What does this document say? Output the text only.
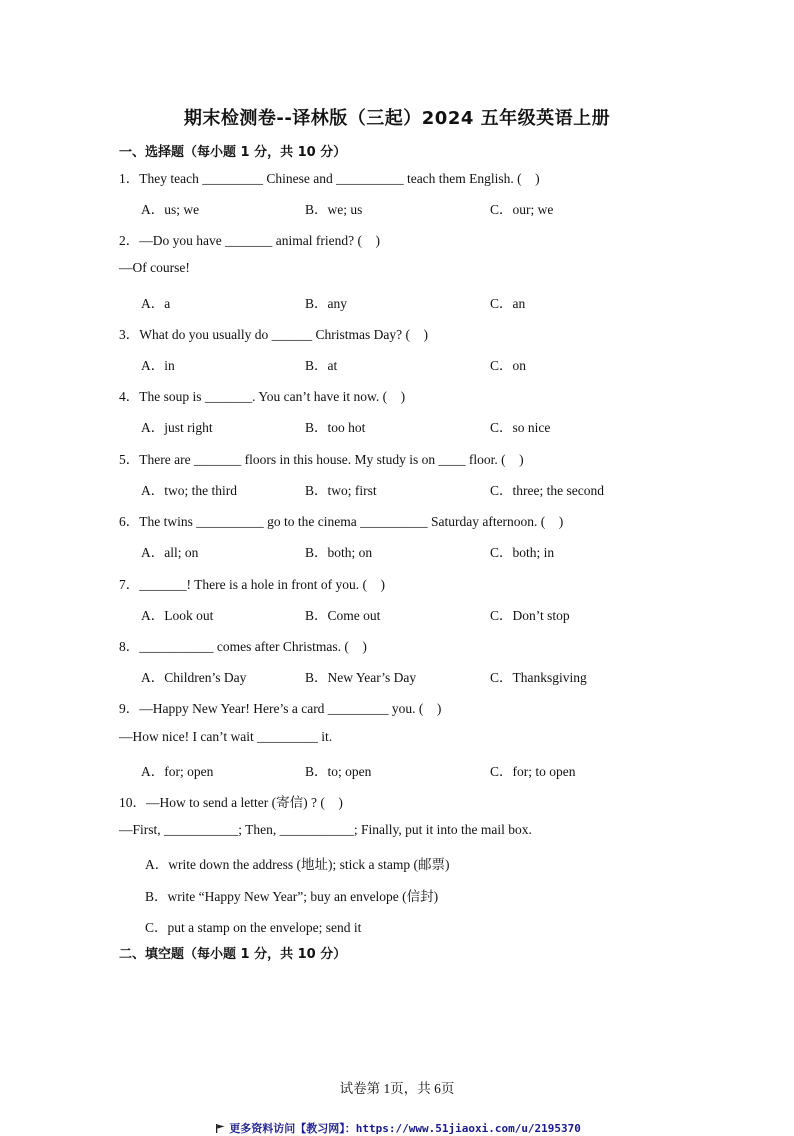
期末检测卷--译林版（三起）2024 五年级英语上册
一、选择题（每小题 1 分，共 10 分）
1．They teach _________ Chinese and __________ teach them English. (    )
A．us; we	B．we; us	C．our; we
2．—Do you have _______ animal friend? (    )
—Of course!
A．a	B．any	C．an
3．What do you usually do ______ Christmas Day? (    )
A．in	B．at	C．on
4．The soup is _______. You can’t have it now. (    )
A．just right	B．too hot	C．so nice
5．There are _______ floors in this house. My study is on ____ floor. (    )
A．two; the third	B．two; first	C．three; the second
6．The twins __________ go to the cinema __________ Saturday afternoon. (    )
A．all; on	B．both; on	C．both; in
7．_______! There is a hole in front of you. (    )
A．Look out	B．Come out	C．Don’t stop
8．___________ comes after Christmas. (    )
A．Children’s Day	B．New Year’s Day	C．Thanksgiving
9．—Happy New Year! Here’s a card _________ you. (    )
—How nice! I can’t wait _________ it.
A．for; open	B．to; open	C．for; to open
10．—How to send a letter (寄信) ? (    )
—First, ___________; Then, ___________; Finally, put it into the mail box.
A．write down the address (地址); stick a stamp (邮票)
B．write “Happy New Year”; buy an envelope (信封)
C．put a stamp on the envelope; send it
二、填空题（每小题 1 分，共 10 分）
试卷第 1页，共 6页

更多资料访问【教习网】：https://www.51jiaoxi.com/u/2195370
